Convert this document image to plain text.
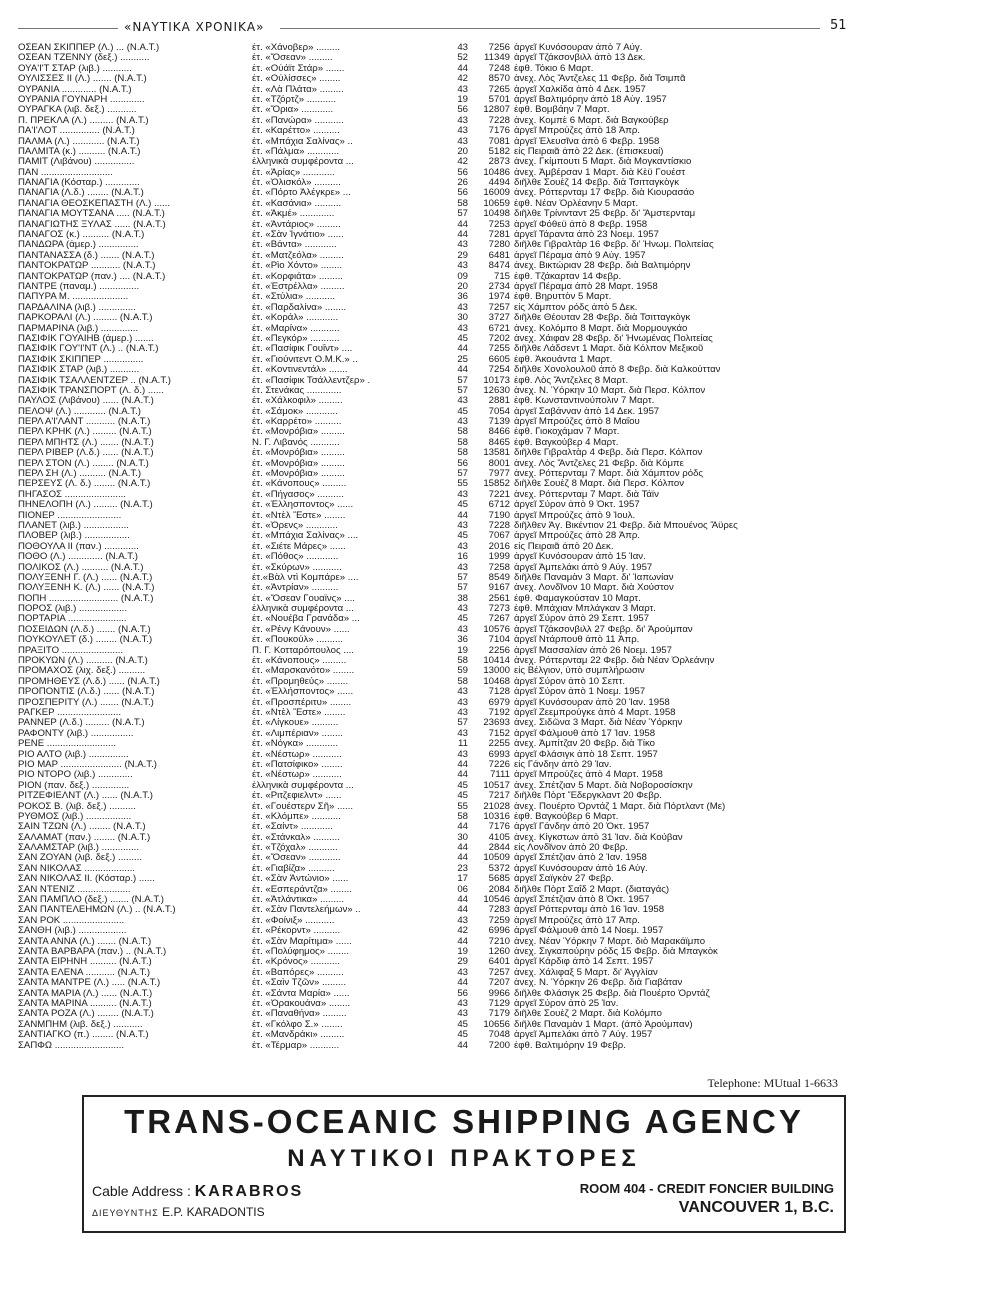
«ΝΑΥΤΙΚΑ ΧΡΟΝΙΚΑ»	51
ΟΣΕΑΝ ΣΚΙΠΠΕΡ (Λ.) ... (Ν.Α.Τ.)	ἐτ. «Χάνοβερ» .........	43	7256 ἀργεῖ Κυνόσουραν ἀπὸ 7 Αὐγ.
ΟΣΕΑΝ ΤΖΕΝΝΥ (δεξ.) ...........	ἐτ. «Ὄσεαν» .........	52	11349 ἀργεῖ Τζάκσονβιλλ ἀπὸ 13 Δεκ.
ΟΥΑ'Ι'Τ ΣΤΑΡ (λιβ.) ...........	ἐτ. «Οὐάϊτ Στάρ» .......	44	7248 ἐφθ. Τόκιο 6 Μαρτ.
ΟΥΛΙΣΣΕΣ ΙΙ (Λ.) ....... (Ν.Α.Τ.)	ἐτ. «Οὐλίσσες» ........	42	8570 ἀνεχ. Λὸς Ἄντζελες 11 Φεβρ. διὰ Τσιμπᾶ
ΟΥΡΑΝΙΑ ............. (Ν.Α.Τ.)	ἐτ. «Λὰ Πλάτα» .........	43	7265 ἀργεῖ Χαλκίδα ἀπὸ 4 Δεκ. 1957
ΟΥΡΑΝΙΑ ΓΟΥΝΑΡΗ .............	ἐτ. «Τζόρτζ» ...........	19	5701 ἀργεῖ Βαλτιμόρην ἀπὸ 18 Αὐγ. 1957
ΟΥΡΑΓΚΑ (λιβ. δεξ.) ...........	ἐτ. «Ὅρια» ............	56	12807 ἐφθ. Βομβάην 7 Μαρτ.
Π. ΠΡΕΚΛΑ (Λ.) ......... (Ν.Α.Τ.)	ἐτ. «Πανώρα» ...........	43	7228 ἀνεχ. Κομπὲ 6 Μαρτ. διὰ Βαγκούβερ
ΠΑ'Ι'ΛΟΤ ............... (Ν.Α.Τ.)	ἐτ. «Καρέττο» ..........	43	7176 ἀργεῖ Μπρούζες ἀπὸ 18 Ἀπρ.
ΠΑΛΜΑ (Λ.) ............ (Ν.Α.Τ.)	ἐτ. «Μπάχια Σαλίνας» ..	43	7081 ἀργεῖ Ἐλευσῖνα ἀπὸ 6 Φεβρ. 1958
ΠΑΛΜΙΤΑ (κ.) .......... (Ν.Α.Τ.)	ἐτ. «Πάλμα» ............	20	5182 εἰς Πειραιᾶ ἀπὸ 22 Δεκ. (ἐπισκευαί)
ΠΑΜΙΤ (Λιβάνου) ...............	ἑλληνικὰ συμφέροντα ...	42	2873 ἀνεχ. Γκίμπουτι 5 Μαρτ. διὰ Μογκαντίσκιο
ΠΑΝ ...........................	ἐτ. «Ἀρίας» ............	56	10486 ἀνεχ. Ἀμβέρσαν 1 Μαρτ. διὰ Κὲϋ Γουέστ
ΠΑΝΑΓΙΑ (Κόσταρ.) .............	ἐτ. «Ὀλισκόλ» ..........	26	4494 διῆλθε Σουὲζ 14 Φεβρ. διὰ Τσιτταγκὸγκ
ΠΑΝΑΓΙΑ (Λ.δ.) ........ (Ν.Α.Τ.)	ἐτ. «Πόρτο Ἀλέγκρε» ...	56	16009 ἀνεχ. Ρόττερνταμ 17 Φεβρ. διὰ Κιουρασάο
ΠΑΝΑΓΙΑ ΘΕΟΣΚΕΠΑΣΤΗ (Λ.) ......	ἐτ. «Κασάνια» ..........	58	10659 ἐφθ. Νέαν Ὀρλέανην 5 Μαρτ.
ΠΑΝΑΓΙΑ ΜΟΥΤΣΑΝΑ ..... (Ν.Α.Τ.)	ἐτ. «Ἀκμέ» .............	57	10498 διῆλθε Τρίνινταντ 25 Φεβρ. δι' Ἄμστερνταμ
ΠΑΝΑΓΙΩΤΗΣ ΞΥΛΑΣ ...... (Ν.Α.Τ.)	ἐτ. «Ἀντάριος» .........	44	7253 ἀργεῖ Φόθεϋ ἀπὸ 8 Φεβρ. 1958
ΠΑΝΑΓΟΣ (κ.) .......... (Ν.Α.Τ.)	ἐτ. «Σὰν Ἰγνάτιο» ......	44	7281 ἀργεῖ Τάραντα ἀπὸ 23 Νοεμ. 1957
ΠΑΝΔΩΡΑ (ἀμερ.) ...............	ἐτ. «Βάντα» ............	43	7280 διῆλθε Γιβραλτὰρ 16 Φεβρ. δι' Ἡνωμ. Πολιτείας
ΠΑΝΤΑΝΑΣΣΑ (δ.) ....... (Ν.Α.Τ.)	ἐτ. «Ματζεόλα» .........	29	6481 ἀργεῖ Πέραμα ἀπὸ 9 Αὐγ. 1957
ΠΑΝΤΟΚΡΑΤΩΡ ........... (Ν.Α.Τ.)	ἐτ. «Ρὶο Χόντο» ........	43	8474 ἀνεχ. Βικτώριαν 28 Φεβρ. διὰ Βαλτιμόρην
ΠΑΝΤΟΚΡΑΤΩΡ (παν.) .... (Ν.Α.Τ.)	ἐτ. «Κορφιάτα» .........	09	715 ἐφθ. Τζάκαρταν 14 Φεβρ.
ΠΑΝΤΡΕ (παναμ.) ...............	ἐτ. «Ἐστρέλλα» .........	20	2734 ἀργεῖ Πέραμα ἀπὸ 28 Μαρτ. 1958
ΠΑΠΥΡΑ Μ. .....................	ἐτ. «Στύλια» ...........	36	1974 ἐφθ. Βηρυττὸν 5 Μαρτ.
ΠΑΡΔΑΛΙΝΑ (λιβ.) ..............	ἐτ. «Παρδαλίνα» ........	43	7257 εἰς Χάμπτον ρόδς ἀπὸ 5 Δεκ.
ΠΑΡΚΟΡΑΛΙ (Λ.) ......... (Ν.Α.Τ.)	ἐτ. «Κοράλ» ............	30	3727 διῆλθε Θέουταν 28 Φεβρ. διὰ Τσιτταγκὸγκ
ΠΑΡΜΑΡΙΝΑ (λιβ.) ..............	ἐτ. «Μαρίνα» ...........	43	6721 ἀνεχ. Κολόμπο 8 Μαρτ. διὰ Μορμουγκάο
ΠΑΣΙΦΙΚ ΓΟΥΑΙΗΒ (ἀμερ.) .......	ἐτ. «Πεγκόρ» ...........	45	7202 ἀνεχ. Χάιφαν 28 Φεβρ. δι' Ἡνωμένας Πολιτείας
ΠΑΣΙΦΙΚ ΓΟΥ'Ι'ΝΤ (Λ.) .. (Ν.Α.Τ.)	ἐτ. «Πασίφικ Γουΐντ» ....	44	7255 διῆλθε Λάδσεντ 1 Μαρτ. διὰ Κόλπον Μεξικοῦ
ΠΑΣΙΦΙΚ ΣΚΙΠΠΕΡ ...............	ἐτ. «Γιούνιτεντ Ο.Μ.Κ.» ..	25	6605 ἐφθ. Ἀκουάντα 1 Μαρτ.
ΠΑΣΙΦΙΚ ΣΤΑΡ (λιβ.) ...........	ἐτ. «Κοντινεντάλ» .......	44	7254 διῆλθε Χονολουλοῦ ἀπὸ 8 Φεβρ. διὰ Καλκούτταν
ΠΑΣΙΦΙΚ ΤΣΑΛΛΕΝΤΖΕΡ .. (Ν.Α.Τ.)	ἐτ. «Πασίφικ Τσάλλεντζερ» .	57	10173 ἐφθ. Λὸς Ἄντζελες 8 Μαρτ.
ΠΑΣΙΦΙΚ ΤΡΑΝΣΠΟΡΤ (Λ. δ.) ......	ἐτ. Στενάκας .............	57	12630 ἀνεχ. Ν. Ὑόρκην 10 Μαρτ. διὰ Περσ. Κόλπον
ΠΑΥΛΟΣ (Λιβάνου) ...... (Ν.Α.Τ.)	ἐτ. «Χάλκοφιλ» .........	43	2881 ἐφθ. Κωνσταντινούπολιν 7 Μαρτ.
ΠΕΛΟΨ (Λ.) ............ (Ν.Α.Τ.)	ἐτ. «Σάμοκ» ............	45	7054 ἀργεῖ Σαβάνναν ἀπὸ 14 Δεκ. 1957
ΠΕΡΛ Α'Ι'ΛΑΝΤ ........... (Ν.Α.Τ.)	ἐτ. «Καρρέτο» ..........	43	7139 ἀργεῖ Μπρούζες ἀπὸ 8 Μαΐου
ΠΕΡΛ ΚΡΗΚ (Λ.) ......... (Ν.Α.Τ.)	ἐτ. «Μονρόβια» .........	58	8466 ἐφθ. Γιοκοχάμαν 7 Μαρτ.
ΠΕΡΛ ΜΠΗΤΣ (Λ.) ....... (Ν.Α.Τ.)	Ν. Γ. Λιβανός ...........	58	8465 ἐφθ. Βαγκούβερ 4 Μαρτ.
ΠΕΡΛ ΡΙΒΕΡ (Λ.δ.) ...... (Ν.Α.Τ.)	ἐτ. «Μονρόβια» .........	58	13581 διῆλθε Γιβραλτὰρ 4 Φεβρ. διὰ Περσ. Κόλπον
ΠΕΡΛ ΣΤΟΝ (Λ.) ........ (Ν.Α.Τ.)	ἐτ. «Μονρόβια» .........	56	8001 ἀνεχ. Λὸς Ἄντζελες 21 Φεβρ. διὰ Κόμπε
ΠΕΡΛ ΣΗ (Λ.) .......... (Ν.Α.Τ.)	ἐτ. «Μονρόβια» .........	57	7977 ἀνεχ. Ρόττερνταμ 7 Μαρτ. διὰ Χάμπτον ρόδς
ΠΕΡΣΕΥΣ (Λ. δ.) ........ (Ν.Α.Τ.)	ἐτ. «Κάνοπους» .........	55	15852 διῆλθε Σουὲζ 8 Μαρτ. διὰ Περσ. Κόλπον
ΠΗΓΑΣΟΣ .......................	ἐτ. «Πήγασος» ..........	43	7221 ἀνεχ. Ρόττερνταμ 7 Μαρτ. διὰ Τάϊν
ΠΗΝΕΛΟΠΗ (Λ.) ......... (Ν.Α.Τ.)	ἐτ. «Ἑλλησποντος» ......	45	6712 ἀργεῖ Σύρον ἀπὸ 9 Ὀκτ. 1957
ΠΙΟΝΕΡ ........................	ἐτ. «Ντὲλ Ἔστε» ........	44	7190 ἀργεῖ Μπρούζες ἀπὸ 9 Ἰουλ.
ΠΛΑΝΕΤ (λιβ.) .................	ἐτ. «Ὀρενς» ............	43	7228 διῆλθεν Ἁγ. Βικέντιον 21 Φεβρ. διὰ Μπουένος Ἄϋρες
ΠΛΟΒΕΡ (λιβ.) .................	ἐτ. «Μπάχια Σαλίνας» ....	45	7067 ἀργεῖ Μπρούζες ἀπὸ 28 Ἀπρ.
ΠΟΘΟΥΛΑ ΙΙ (παν.) .............	ἐτ. «Σιέτε Μάρες» ......	43	2016 εἰς Πειραιᾶ ἀπὸ 20 Δεκ.
ΠΟΘΟ (Λ.) ............. (Ν.Α.Τ.)	ἐτ. «Πόθος» ............	16	1999 ἀργεῖ Κυνόσουραν ἀπὸ 15 Ἰαν.
ΠΟΛΙΚΟΣ (Λ.) .......... (Ν.Α.Τ.)	ἐτ. «Σκύρων» ...........	43	7258 ἀργεῖ Ἀμπελάκι ἀπὸ 9 Αὐγ. 1957
ΠΟΛΥΞΕΝΗ Γ. (Λ.) ...... (Ν.Α.Τ.)	ἐτ.«Βὰλ ντὶ Κομπάρε» ....	57	8549 διῆλθε Παναμὰν 3 Μαρτ. δι' Ἰαπωνίαν
ΠΟΛΥΞΕΝΗ Κ. (Λ.) ...... (Ν.Α.Τ.)	ἐτ. «Ἀντρίαν» ..........	57	9167 ἀνεχ. Λονδῖνον 10 Μαρτ. διὰ Χούστον
ΠΟΠΗ .......................... (Ν.Α.Τ.)	ἐτ. «Ὄσεαν Γουαϊνς» ....	38	2561 ἐφθ. Φαμαγκούσταν 10 Μαρτ.
ΠΟΡΟΣ (λιβ.) ..................	ἑλληνικὰ συμφέροντα ...	43	7273 ἐφθ. Μπάχιαν Μπλάγκαν 3 Μαρτ.
ΠΟΡΤΑΡΙΑ ......................	ἐτ. «Νουέβα Γρανάδα» ...	45	7267 ἀργεῖ Σύρον ἀπὸ 29 Σεπτ. 1957
ΠΟΣΕΙΔΩΝ (Λ.δ.) ....... (Ν.Α.Τ.)	ἐτ. «Ρένγ Κάνουν» ......	43	10576 ἀργεῖ Τζάκσονβιλλ 27 Φεβρ. δι' Ἀρούμπαν
ΠΟΥΚΟΥΛΕΤ (δ.) ........ (Ν.Α.Τ.)	ἐτ. «Πουκούλ» ..........	36	7104 ἀργεῖ Ντάρπουθ ἀπὸ 11 Ἀπρ.
ΠΡΑΞΙΤΟ .......................	Π. Γ. Κοτταρόπουλος ....	19	2256 ἀργεῖ Μασσαλίαν ἀπὸ 26 Νοεμ. 1957
ΠΡΟΚΥΩΝ (Λ.) .......... (Ν.Α.Τ.)	ἐτ. «Κάνοπους» .........	58	10414 ἀνεχ. Ρόττερνταμ 22 Φεβρ. διὰ Νέαν Ὀρλεάνην
ΠΡΟΜΑΧΟΣ (λιχ. δεξ.) ..........	ἐτ. «Μαρσκανότο» ........	59	13000 εἰς Βέλγιον, ὑπὸ συμπλήρωσιν
ΠΡΟΜΗΘΕΥΣ (Λ.δ.) ...... (Ν.Α.Τ.)	ἐτ. «Προμηθεύς» ........	58	10468 ἀργεῖ Σύρον ἀπὸ 10 Σεπτ.
ΠΡΟΠΟΝΤΙΣ (Λ.δ.) ...... (Ν.Α.Τ.)	ἐτ. «Ἑλλήσποντος» ......	43	7128 ἀργεῖ Σύρον ἀπὸ 1 Νοεμ. 1957
ΠΡΟΣΠΕΡΙΤΥ (Λ.) ....... (Ν.Α.Τ.)	ἐτ. «Προσπέριτυ» ........	43	6979 ἀργεῖ Κυνόσουραν ἀπὸ 20 Ἰαν. 1958
ΡΑΓΚΕΡ ........................	ἐτ. «Ντὲλ Ἔστε» ........	43	7192 ἀργεῖ Ζεεμπρούγκε ἀπὸ 4 Μαρτ. 1958
ΡΑΝΝΕΡ (Λ.δ.) ......... (Ν.Α.Τ.)	ἐτ. «Λίγκουε» ..........	57	23693 ἀνεχ. Σιδῶνα 3 Μαρτ. διὰ Νέαν Ὑόρκην
ΡΑΦΟΝΤΥ (λιβ.) ................	ἐτ. «Λιμπέριαν» ........	43	7152 ἀργεῖ Φάλμουθ ἀπὸ 17 Ἰαν. 1958
ΡΕΝΕ ..........................	ἐτ. «Νόγκα» ............	11	2255 ἀνεχ. Ἀμπίτζαν 20 Φεβρ. διὰ Τίκο
ΡΙΟ ΑΛΤΟ (λιβ.) ...............	ἐτ. «Νέστωρ» ...........	43	6993 ἀργεῖ Φλάσιγκ ἀπὸ 18 Σεπτ. 1957
ΡΙΟ ΜΑΡ ....................... (Ν.Α.Τ.)	ἐτ. «Πατσίφικο» ........	44	7226 εἰς Γάνδην ἀπὸ 29 Ἰαν.
ΡΙΟ ΝΤΟΡΟ (λιβ.) .............	ἐτ. «Νέστωρ» ...........	44	7111 ἀργεῖ Μπρούζες ἀπὸ 4 Μαρτ. 1958
ΡΙΟΝ (παν. δεξ.) ..............	ἑλληνικὰ συμφέροντα ...	45	10517 ἀνεχ. Σπέτζιαν 5 Μαρτ. διὰ Νοβοροσίσκην
ΡΙΤΖΕΦΙΕΛΝΤ (Λ.) ...... (Ν.Α.Τ.)	ἐτ. «Ριτζεφιελντ» ......	45	7217 διῆλθε Πὸρτ Ἔδεργκλαντ 20 Φεβρ.
ΡΟΚΟΣ Β. (λιβ. δεξ.) ..........	ἐτ. «Γουέστερν Σῆ» ......	55	21028 ἀνεχ. Πουέρτο Ὀρντάζ 1 Μαρτ. διὰ Πόρτλαντ (Με)
ΡΥΘΜΟΣ (λιβ.) .................	ἐτ. «Κλόμπε» ...........	58	10316 ἐφθ. Βαγκούβερ 6 Μαρτ.
ΣΑΙΝ ΤΖΩΝ (Λ.) ........ (Ν.Α.Τ.)	ἐτ. «Σαίντ» ............	44	7176 ἀργεῖ Γάνδην ἀπὸ 20 Ὀκτ. 1957
ΣΑΛΑΜΑΤ (παν.) ........ (Ν.Α.Τ.)	ἐτ. «Στάνκαλ» ..........	30	4105 ἀνεχ. Κίγκστων ἀπὸ 31 Ἰαν. διὰ Κούβαν
ΣΑΛΑΜΣΤΑΡ (λιβ.) ..............	ἐτ. «Τζόχαλ» ...........	44	2844 εἰς Λονδῖνον ἀπὸ 20 Φεβρ.
ΣΑΝ ΖΟΥΑΝ (λιβ. δεξ.) .........	ἐτ. «Ὄσεαν» ............	44	10509 ἀργεῖ Σπέτζιαν ἀπὸ 2 Ἰαν. 1958
ΣΑΝ ΝΙΚΟΛΑΣ ...................	ἐτ. «Γιαβίζα» ..........	23	5372 ἀργεῖ Κυνόσουραν ἀπὸ 16 Αὐγ.
ΣΑΝ ΝΙΚΟΛΑΣ ΙΙ. (Κόσταρ.) ......	ἐτ. «Σὰν Ἀντώνιο» ......	17	5685 ἀργεῖ Σαϊγκὸν 27 Φεβρ.
ΣΑΝ ΝΤΕΝΙΖ ....................	ἐτ. «Εσπεράντζα» ........	06	2084 διῆλθε Πὸρτ Σαΐδ 2 Μαρτ. (διαταγάς)
ΣΑΝ ΠΑΜΠΛΟ (δεξ.) ....... (Ν.Α.Τ.)	ἐτ. «Ἀτλάντικα» .........	44	10546 ἀργεῖ Σπέτζιαν ἀπὸ 8 Ὀκτ. 1957
ΣΑΝ ΠΑΝΤΕΛΕΗΜΩΝ (Λ.) .. (Ν.Α.Τ.)	ἐτ. «Σὰν Παντελεήμων» ..	44	7283 ἀργεῖ Ρόττερνταμ ἀπὸ 16 Ἰαν. 1958
ΣΑΝ ΡΟΚ .......................	ἐτ. «Φοίνιξ» ...........	43	7259 ἀργεῖ Μπρούζες ἀπὸ 17 Ἀπρ.
ΣΑΝΘΗ (λιβ.) ..................	ἐτ. «Ρέκορντ» ..........	42	6996 ἀργεῖ Φάλμουθ ἀπὸ 14 Νοεμ. 1957
ΣΑΝΤΑ ΑΝΝΑ (Λ.) ....... (Ν.Α.Τ.)	ἐτ. «Σὰν Μαρίτιμα» ......	44	7210 ἀνεχ. Νέαν Ὑόρκην 7 Μαρτ. διὸ Μαρακάϊμπο
ΣΑΝΤΑ ΒΑΡΒΑΡΑ (παν.) .. (Ν.Α.Τ.)	ἐτ. «Πολύφημος» ........	19	1260 ἀνεχ. Σιγκαπούρην ρόδς 15 Φεβρ. διὰ Μπαγκὸκ
ΣΑΝΤΑ ΕΙΡΗΝΗ .......... (Ν.Α.Τ.)	ἐτ. «Κρόνος» ...........	29	6401 ἀργεῖ Κάρδιφ ἀπὸ 14 Σεπτ. 1957
ΣΑΝΤΑ ΕΛΕΝΑ ........... (Ν.Α.Τ.)	ἐτ. «Βαπόρες» ..........	43	7257 ἀνεχ. Χάλιφαξ 5 Μαρτ. δι' Ἀγγλίαν
ΣΑΝΤΑ ΜΑΝΤΡΕ (Λ.) ..... (Ν.Α.Τ.)	ἐτ. «Σαὶν Τζῶν» .........	44	7207 ἀνεχ. Ν. Ὑόρκην 26 Φεβρ. διὰ Γιαβάταν
ΣΑΝΤΑ ΜΑΡΙΑ (Λ.) ...... (Ν.Α.Τ.)	ἐτ. «Σάντα Μαρία» ......	56	9966 διῆλθε Φλάσιγκ 25 Φεβρ. διὰ Πουέρτο Ὀρντάζ
ΣΑΝΤΑ ΜΑΡΙΝΑ .......... (Ν.Α.Τ.)	ἐτ. «Ὀρακουάνα» ........	43	7129 ἀργεῖ Σύρον ἀπὸ 25 Ἰαν.
ΣΑΝΤΑ ΡΟΖΑ (Λ.) ........ (Ν.Α.Τ.)	ἐτ. «Παναθήνα» .........	43	7179 διῆλθε Σουὲζ 2 Μαρτ. διὰ Κολόμπο
ΣΑΝΜΠΗΜ (λιβ. δεξ.) ...........	ἐτ. «Γκόλφο Σ.» ........	45	10656 διῆλθε Παναμὰν 1 Μαρτ. (ἀπὸ Ἀρούμπαν)
ΣΑΝΤΙΑΓΚΟ (π.) ........ (Ν.Α.Τ.)	ἐτ. «Μανδράκι» .........	45	7048 ἀργεῖ Ἀμπελάκι ἀπὸ 7 Αὐγ. 1957
ΣΑΠΦΩ ..........................	ἐτ. «Τέρμαρ» ...........	44	7200 ἐφθ. Βαλτιμόρην 19 Φεβρ.
Telephone: MUtual 1-6633
TRANS-OCEANIC SHIPPING AGENCY
ΝΑΥΤΙΚΟΙ ΠΡΑΚΤΟΡΕΣ
Cable Address : KARABROS
ΔΙΕΥΘΥΝΤΗΣ E.P. KARADONTIS
ROOM 404 - CREDIT FONCIER BUILDING
VANCOUVER 1, B.C.
